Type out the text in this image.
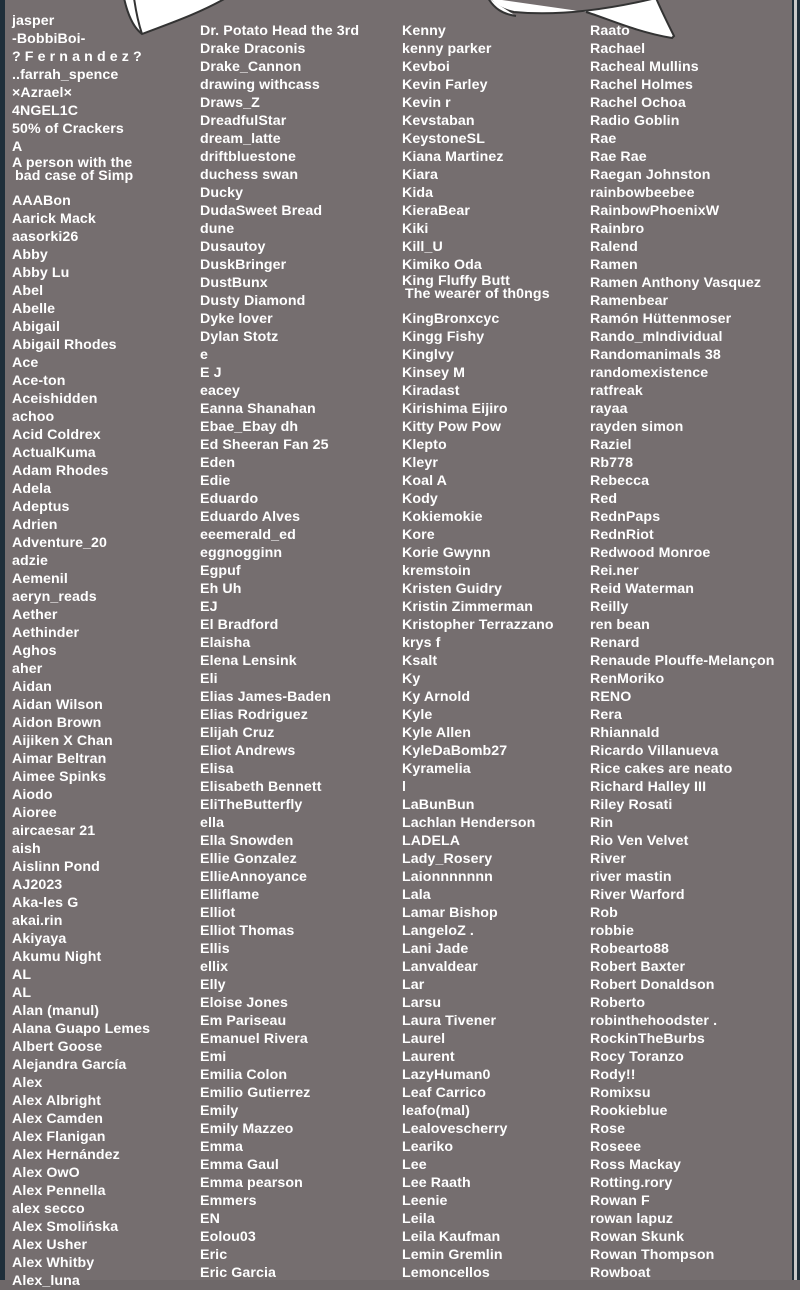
jasper
-BobbiBoi-
? F e r n a n d e z ?
..farrah_spence
×Azrael×
4NGEL1C
50% of Crackers
A
A person with the
bad case of Simp
AAABon
Aarick Mack
aasorki26
Abby
Abby Lu
Abel
Abelle
Abigail
Abigail Rhodes
Ace
Ace-ton
Aceishidden
achoo
Acid Coldrex
ActualKuma
Adam Rhodes
Adela
Adeptus
Adrien
Adventure_20
adzie
Aemenil
aeryn_reads
Aether
Aethinder
Aghos
aher
Aidan
Aidan Wilson
Aidon Brown
Aijiken X Chan
Aimar Beltran
Aimee Spinks
Aiodo
Aioree
aircaesar 21
aish
Aislinn Pond
AJ2023
Aka-les G
akai.rin
Akiyaya
Akumu Night
AL
AL
Alan (manul)
Alana Guapo Lemes
Albert Goose
Alejandra García
Alex
Alex Albright
Alex Camden
Alex Flanigan
Alex Hernández
Alex OwO
Alex Pennella
alex secco
Alex Smolińska
Alex Usher
Alex Whitby
Alex_luna
Dr. Potato Head the 3rd
Drake Draconis
Drake_Cannon
drawing withcass
Draws_Z
DreadfulStar
dream_latte
driftbluestone
duchess swan
Ducky
DudaSweet Bread
dune
Dusautoy
DuskBringer
DustBunx
Dusty Diamond
Dyke lover
Dylan Stotz
e
E J
eacey
Eanna Shanahan
Ebae_Ebay dh
Ed Sheeran Fan 25
Eden
Edie
Eduardo
Eduardo Alves
eeemerald_ed
eggnogginn
Egpuf
Eh Uh
EJ
El Bradford
Elaisha
Elena Lensink
Eli
Elias James-Baden
Elias Rodriguez
Elijah Cruz
Eliot Andrews
Elisa
Elisabeth Bennett
EliTheButterfly
ella
Ella Snowden
Ellie Gonzalez
EllieAnnoyance
Elliflame
Elliot
Elliot Thomas
Ellis
ellix
Elly
Eloise Jones
Em Pariseau
Emanuel Rivera
Emi
Emilia Colon
Emilio Gutierrez
Emily
Emily Mazzeo
Emma
Emma Gaul
Emma pearson
Emmers
EN
Eolou03
Eric
Eric Garcia
Kenny
kenny parker
Kevboi
Kevin Farley
Kevin r
Kevstaban
KeystoneSL
Kiana Martinez
Kiara
Kida
KieraBear
Kiki
Kill_U
Kimiko Oda
King Fluffy Butt
The wearer of th0ngs
KingBronxcyc
Kingg Fishy
Kinglvy
Kinsey M
Kiradast
Kirishima Eijiro
Kitty Pow Pow
Klepto
Kleyr
Koal A
Kody
Kokiemokie
Kore
Korie Gwynn
kremstoin
Kristen Guidry
Kristin Zimmerman
Kristopher Terrazzano
krys f
Ksalt
Ky
Ky Arnold
Kyle
Kyle Allen
KyleDaBomb27
Kyramelia
l
LaBunBun
Lachlan Henderson
LADELA
Lady_Rosery
Laionnnnnnn
Lala
Lamar Bishop
LangeloZ .
Lani Jade
Lanvaldear
Lar
Larsu
Laura Tivener
Laurel
Laurent
LazyHuman0
Leaf Carrico
leafo(mal)
Lealovescherry
Leariko
Lee
Lee Raath
Leenie
Leila
Leila Kaufman
Lemin Gremlin
Lemoncellos
Raato
Rachael
Racheal Mullins
Rachel Holmes
Rachel Ochoa
Radio Goblin
Rae
Rae Rae
Raegan Johnston
rainbowbeebee
RainbowPhoenixW
Rainbro
Ralend
Ramen
Ramen Anthony Vasquez
Ramenbear
Ramón Hüttenmoser
Rando_mIndividual
Randomanimals 38
randomexistence
ratfreak
rayaa
rayden simon
Raziel
Rb778
Rebecca
Red
RednPaps
RednRiot
Redwood Monroe
Rei.ner
Reid Waterman
Reilly
ren bean
Renard
Renaude Plouffe-Melançon
RenMoriko
RENO
Rera
Rhiannald
Ricardo Villanueva
Rice cakes are neato
Richard Halley III
Riley Rosati
Rin
Rio Ven Velvet
River
river mastin
River Warford
Rob
robbie
Robearto88
Robert Baxter
Robert Donaldson
Roberto
robinthehoodster .
RockinTheBurbs
Rocy Toranzo
Rody!!
Romixsu
Rookieblue
Rose
Roseee
Ross Mackay
Rotting.rory
Rowan F
rowan lapuz
Rowan Skunk
Rowan Thompson
Rowboat
